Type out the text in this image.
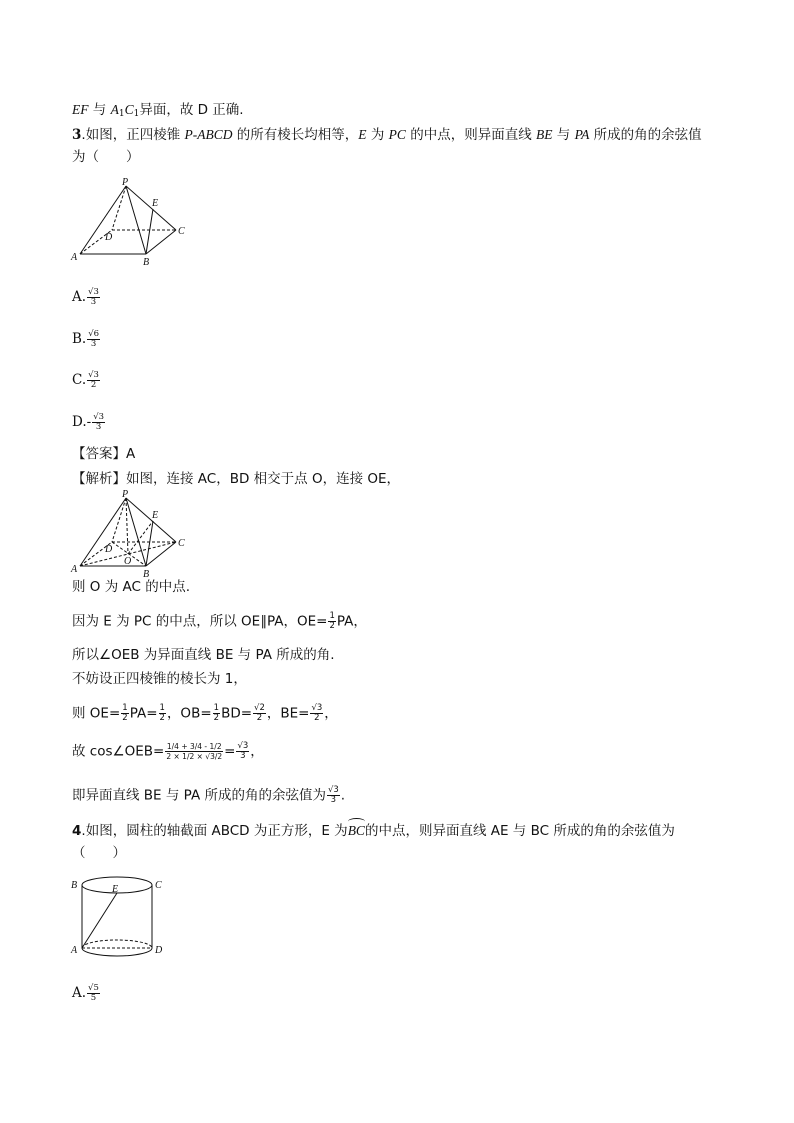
EF 与 $A_1C_1$异面，故 D 正确.
3.如图，正四棱锥 P-ABCD 的所有棱长均相等，E 为 PC 的中点，则异面直线 BE 与 PA 所成的角的余弦值
为（　　）
P
E
D
C
A	B
A. $\frac{√3}{3}$
B. $\frac{√6}{3}$
C. $\frac{√3}{2}$
$D.- \frac{√3}{3}$
【答案】A
【解析】如图，连接 AC，BD 相交于点 O，连接 OE，
P
E
D
O
C
A	B
则 O 为 AC 的中点.
因为 E 为 PC 的中点，所以 OE∥PA，$OE= \frac{1}{2}$ PA，
所以∠OEB 为异面直线 BE 与 PA 所成的角.
不妨设正四棱锥的棱长为 1，
则 $OE= \frac{1}{2} PA= \frac{1}{2}$ ，$OB= \frac{1}{2} BD= \frac{√2}{2}$ ，$BE= \frac{√3}{2}$ ，
故 cos∠OEB= $\frac{1/4 + 3/4 - 1/2}{2 \times 1/2 \times √3/2} = \frac{√3}{3}$ ，
即异面直线 BE 与 PA 所成的角的余弦值为 $\frac{√3}{3}$ .
4.如图，圆柱的轴截面 ABCD 为正方形，E 为
BC的中点，则异面直线 AE 与 BC 所成的角的余弦值为
（　　）
B	E	C
A	D
A. $\frac{√5}{5}$
